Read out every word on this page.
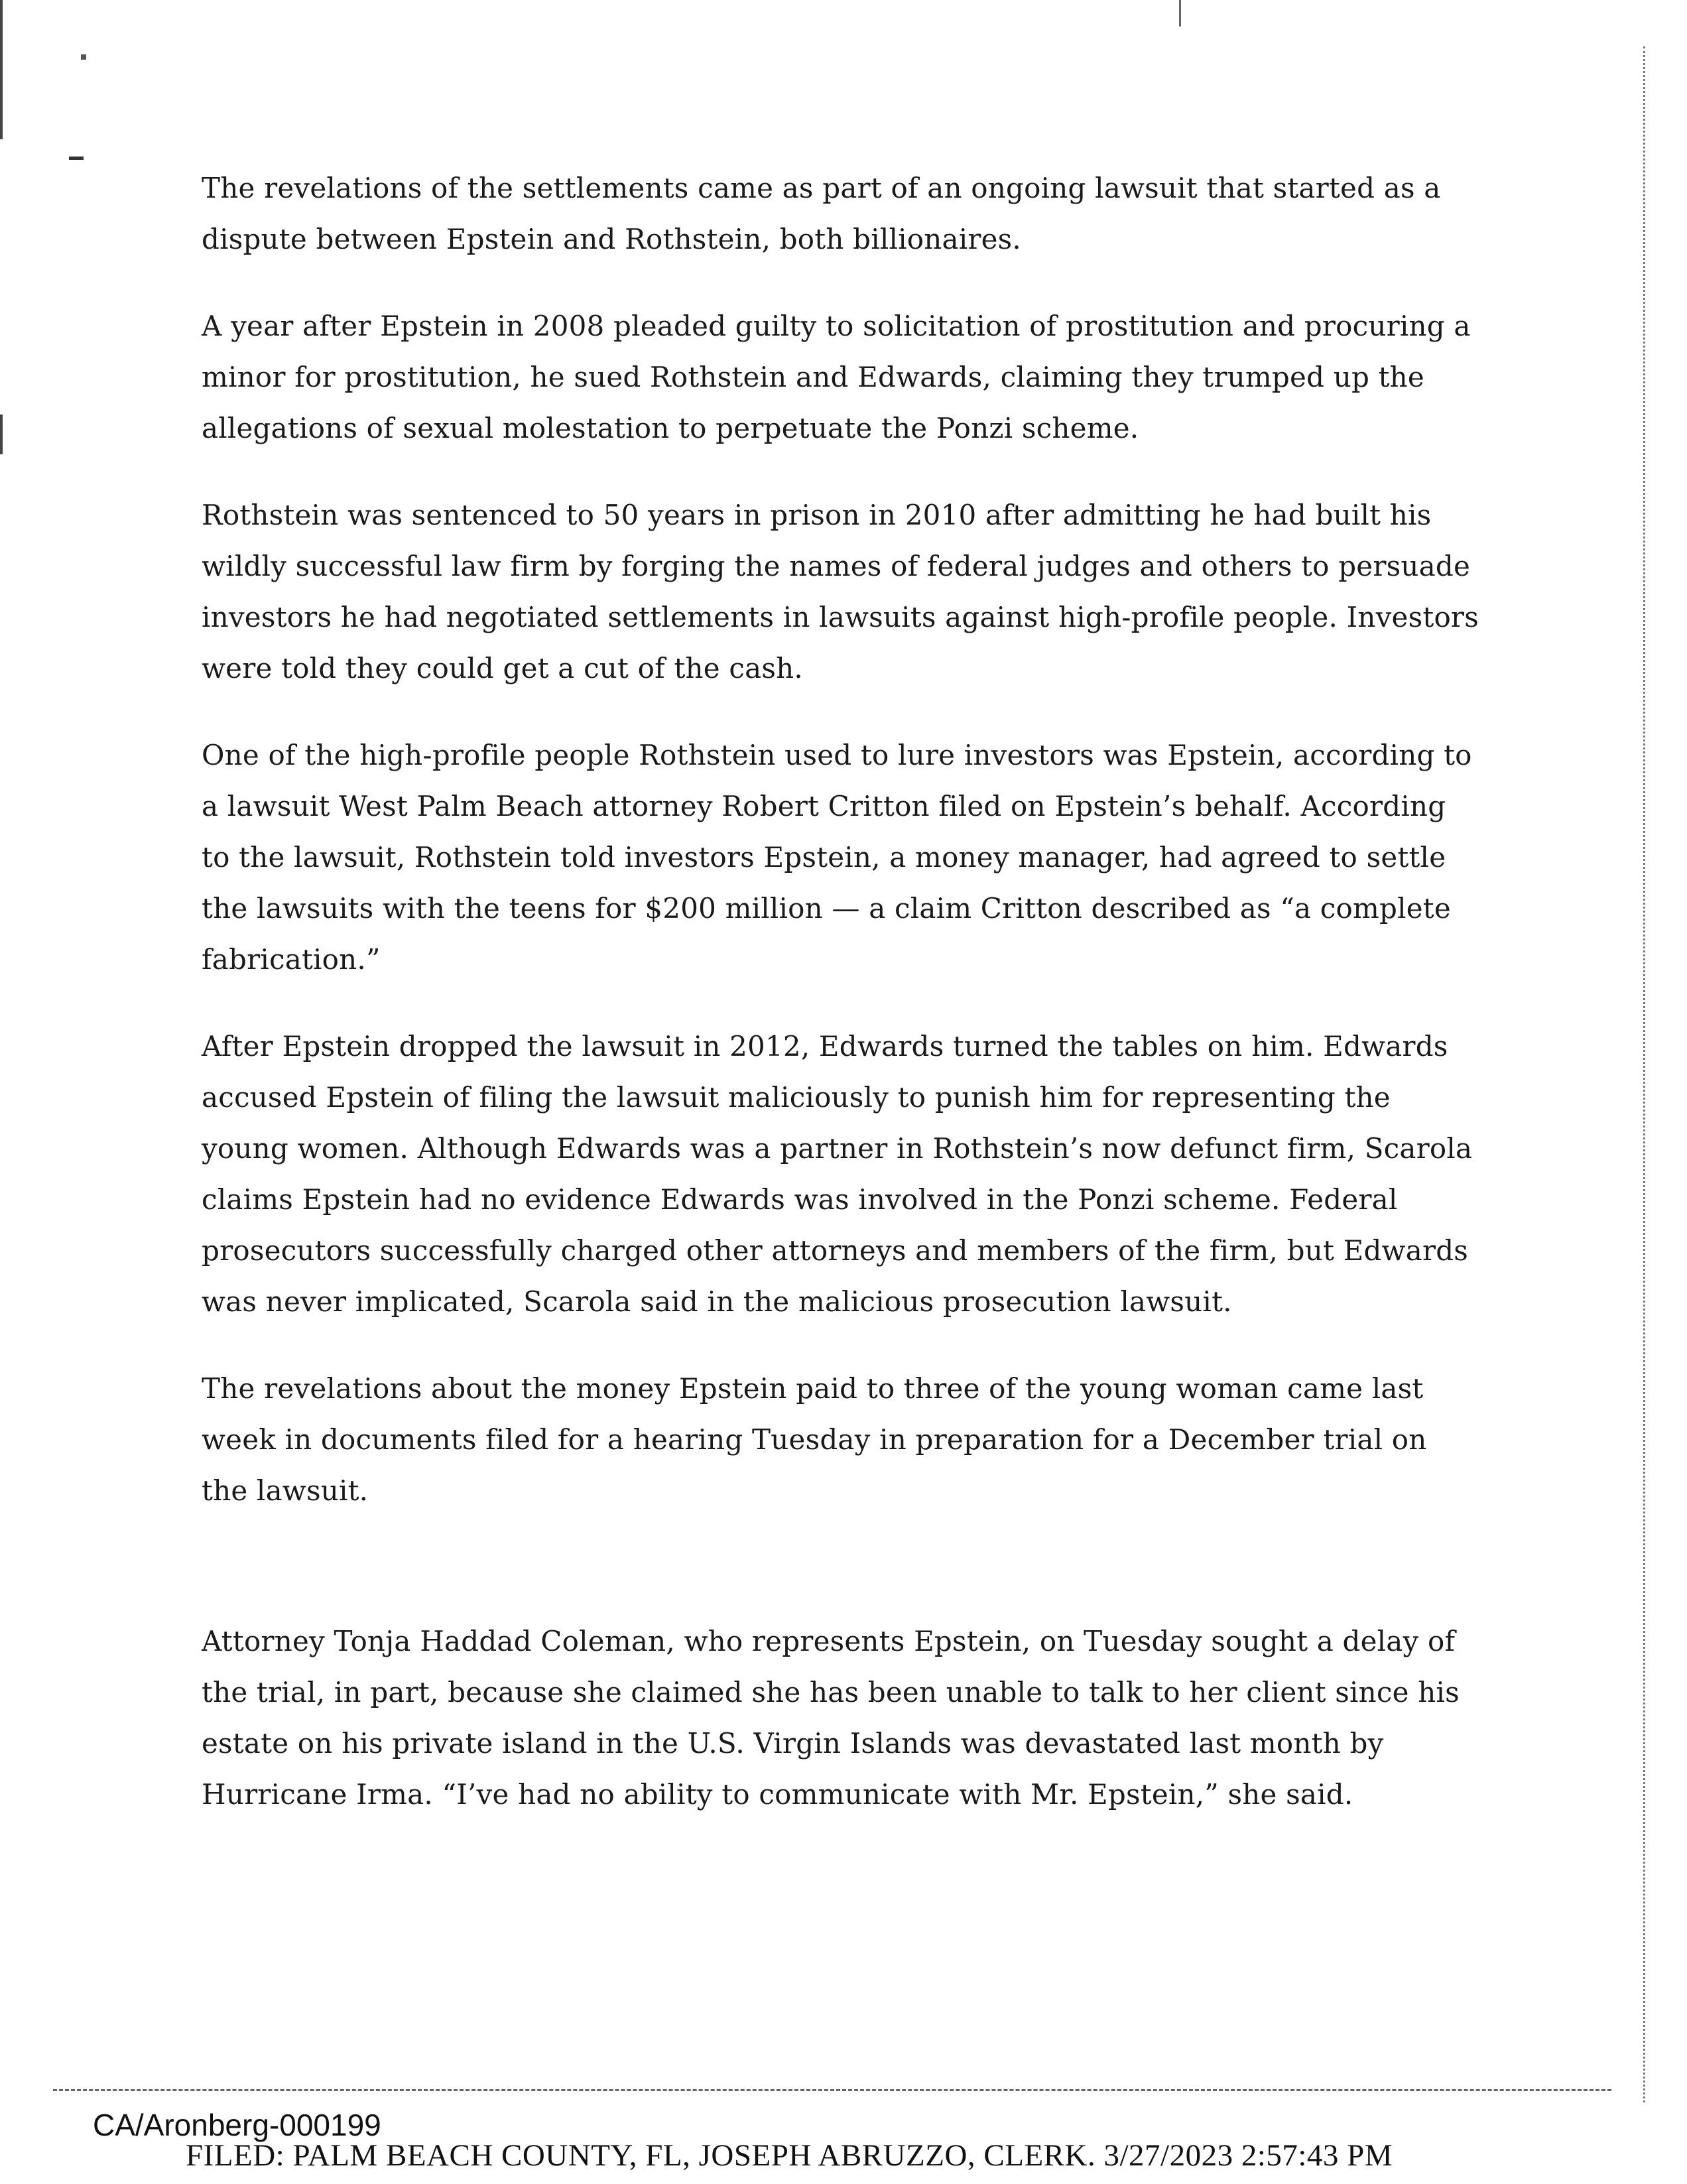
The revelations of the settlements came as part of an ongoing lawsuit that started as a dispute between Epstein and Rothstein, both billionaires.

A year after Epstein in 2008 pleaded guilty to solicitation of prostitution and procuring a minor for prostitution, he sued Rothstein and Edwards, claiming they trumped up the allegations of sexual molestation to perpetuate the Ponzi scheme.

Rothstein was sentenced to 50 years in prison in 2010 after admitting he had built his wildly successful law firm by forging the names of federal judges and others to persuade investors he had negotiated settlements in lawsuits against high-profile people. Investors were told they could get a cut of the cash.

One of the high-profile people Rothstein used to lure investors was Epstein, according to a lawsuit West Palm Beach attorney Robert Critton filed on Epstein’s behalf. According to the lawsuit, Rothstein told investors Epstein, a money manager, had agreed to settle the lawsuits with the teens for $200 million — a claim Critton described as “a complete fabrication.”

After Epstein dropped the lawsuit in 2012, Edwards turned the tables on him. Edwards accused Epstein of filing the lawsuit maliciously to punish him for representing the young women. Although Edwards was a partner in Rothstein’s now defunct firm, Scarola claims Epstein had no evidence Edwards was involved in the Ponzi scheme. Federal prosecutors successfully charged other attorneys and members of the firm, but Edwards was never implicated, Scarola said in the malicious prosecution lawsuit.

The revelations about the money Epstein paid to three of the young woman came last week in documents filed for a hearing Tuesday in preparation for a December trial on the lawsuit.

Attorney Tonja Haddad Coleman, who represents Epstein, on Tuesday sought a delay of the trial, in part, because she claimed she has been unable to talk to her client since his estate on his private island in the U.S. Virgin Islands was devastated last month by Hurricane Irma. “I’ve had no ability to communicate with Mr. Epstein,” she said.

CA/Aronberg-000199
FILED: PALM BEACH COUNTY, FL, JOSEPH ABRUZZO, CLERK. 3/27/2023 2:57:43 PM
